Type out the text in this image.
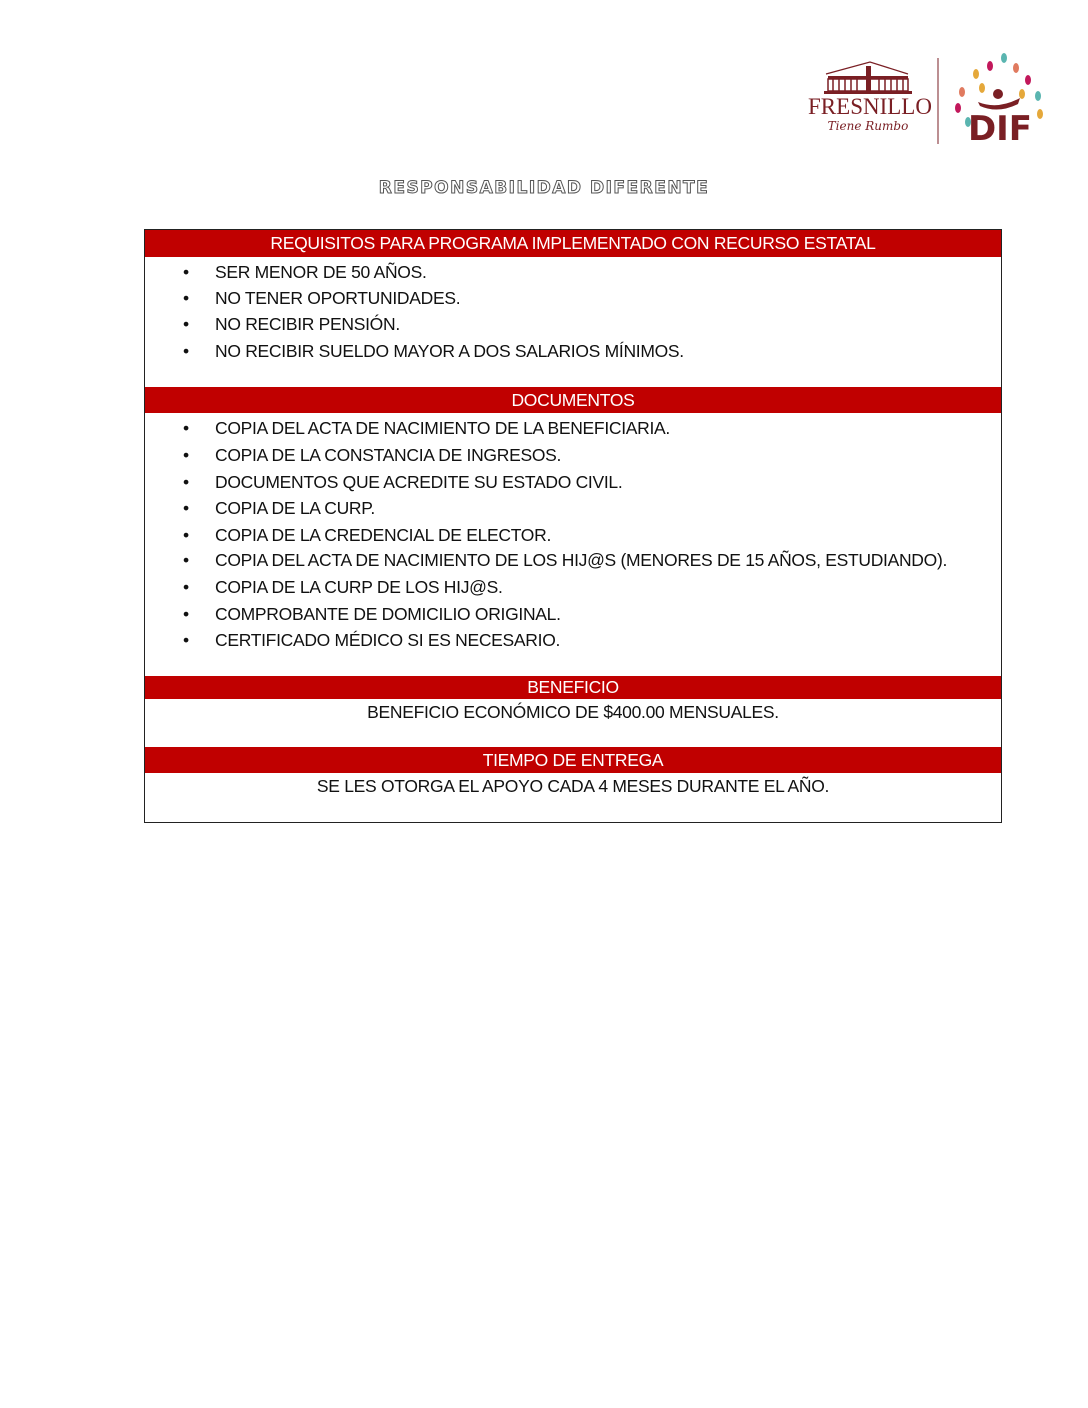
FRESNILLO
Tiene Rumbo DIF
RESPONSABILIDAD DIFERENTE
REQUISITOS PARA PROGRAMA IMPLEMENTADO CON RECURSO ESTATAL
• SER MENOR DE 50 AÑOS.
• NO TENER OPORTUNIDADES.
• NO RECIBIR PENSIÓN.
• NO RECIBIR SUELDO MAYOR A DOS SALARIOS MÍNIMOS.
DOCUMENTOS
• COPIA DEL ACTA DE NACIMIENTO DE LA BENEFICIARIA.
• COPIA DE LA CONSTANCIA DE INGRESOS.
• DOCUMENTOS QUE ACREDITE SU ESTADO CIVIL.
• COPIA DE LA CURP.
• COPIA DE LA CREDENCIAL DE ELECTOR.
• COPIA DEL ACTA DE NACIMIENTO DE LOS HIJ@S (MENORES DE 15 AÑOS, ESTUDIANDO).
• COPIA DE LA CURP DE LOS HIJ@S.
• COMPROBANTE DE DOMICILIO ORIGINAL.
• CERTIFICADO MÉDICO SI ES NECESARIO.
BENEFICIO
BENEFICIO ECONÓMICO DE $400.00 MENSUALES.
TIEMPO DE ENTREGA
SE LES OTORGA EL APOYO CADA 4 MESES DURANTE EL AÑO.
